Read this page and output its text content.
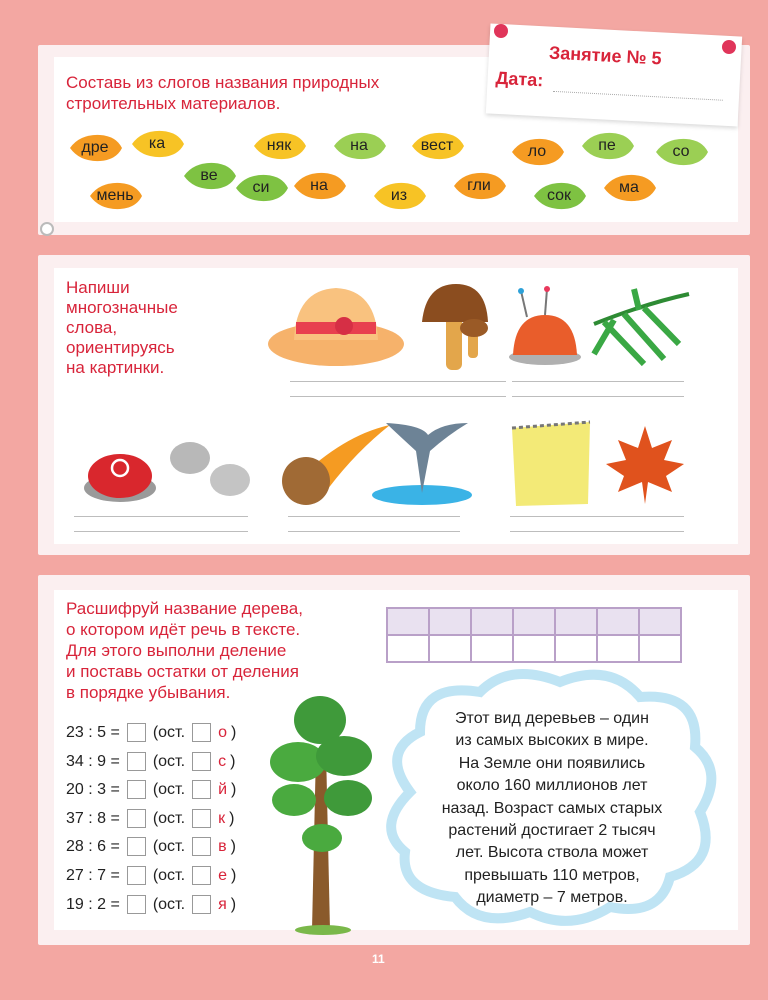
Занятие № 5
Дата:
Составь из слогов названия природных
строительных материалов.
дре	ка
ве
мень	си	на
няк	на
из
вест
гли
ло	пе
сок
со
ма
Напиши
многозначные
слова,
ориентируясь
на картинки.
Расшифруй название дерева,
о котором идёт речь в тексте.
Для этого выполни деление
и поставь остатки от деления
в порядке убывания.
23 : 5 = (ост. о )
34 : 9 = (ост. с )
20 : 3 = (ост. й )
37 : 8 = (ост. к )
28 : 6 = (ост. в )
27 : 7 = (ост. е )
19 : 2 = (ост. я )
Этот вид деревьев – один
из самых высоких в мире.
На Земле они появились
около 160 миллионов лет
назад. Возраст самых старых
растений достигает 2 тысяч
лет. Высота ствола может
превышать 110 метров,
диаметр – 7 метров.
11
